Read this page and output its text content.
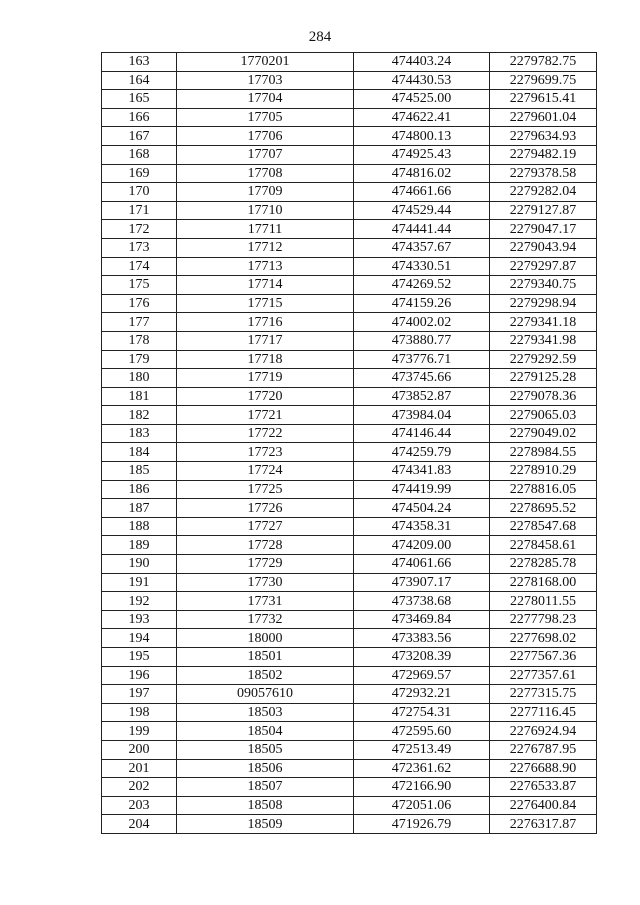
284
163	1770201	474403.24	2279782.75
164	17703	474430.53	2279699.75
165	17704	474525.00	2279615.41
166	17705	474622.41	2279601.04
167	17706	474800.13	2279634.93
168	17707	474925.43	2279482.19
169	17708	474816.02	2279378.58
170	17709	474661.66	2279282.04
171	17710	474529.44	2279127.87
172	17711	474441.44	2279047.17
173	17712	474357.67	2279043.94
174	17713	474330.51	2279297.87
175	17714	474269.52	2279340.75
176	17715	474159.26	2279298.94
177	17716	474002.02	2279341.18
178	17717	473880.77	2279341.98
179	17718	473776.71	2279292.59
180	17719	473745.66	2279125.28
181	17720	473852.87	2279078.36
182	17721	473984.04	2279065.03
183	17722	474146.44	2279049.02
184	17723	474259.79	2278984.55
185	17724	474341.83	2278910.29
186	17725	474419.99	2278816.05
187	17726	474504.24	2278695.52
188	17727	474358.31	2278547.68
189	17728	474209.00	2278458.61
190	17729	474061.66	2278285.78
191	17730	473907.17	2278168.00
192	17731	473738.68	2278011.55
193	17732	473469.84	2277798.23
194	18000	473383.56	2277698.02
195	18501	473208.39	2277567.36
196	18502	472969.57	2277357.61
197	09057610	472932.21	2277315.75
198	18503	472754.31	2277116.45
199	18504	472595.60	2276924.94
200	18505	472513.49	2276787.95
201	18506	472361.62	2276688.90
202	18507	472166.90	2276533.87
203	18508	472051.06	2276400.84
204	18509	471926.79	2276317.87
